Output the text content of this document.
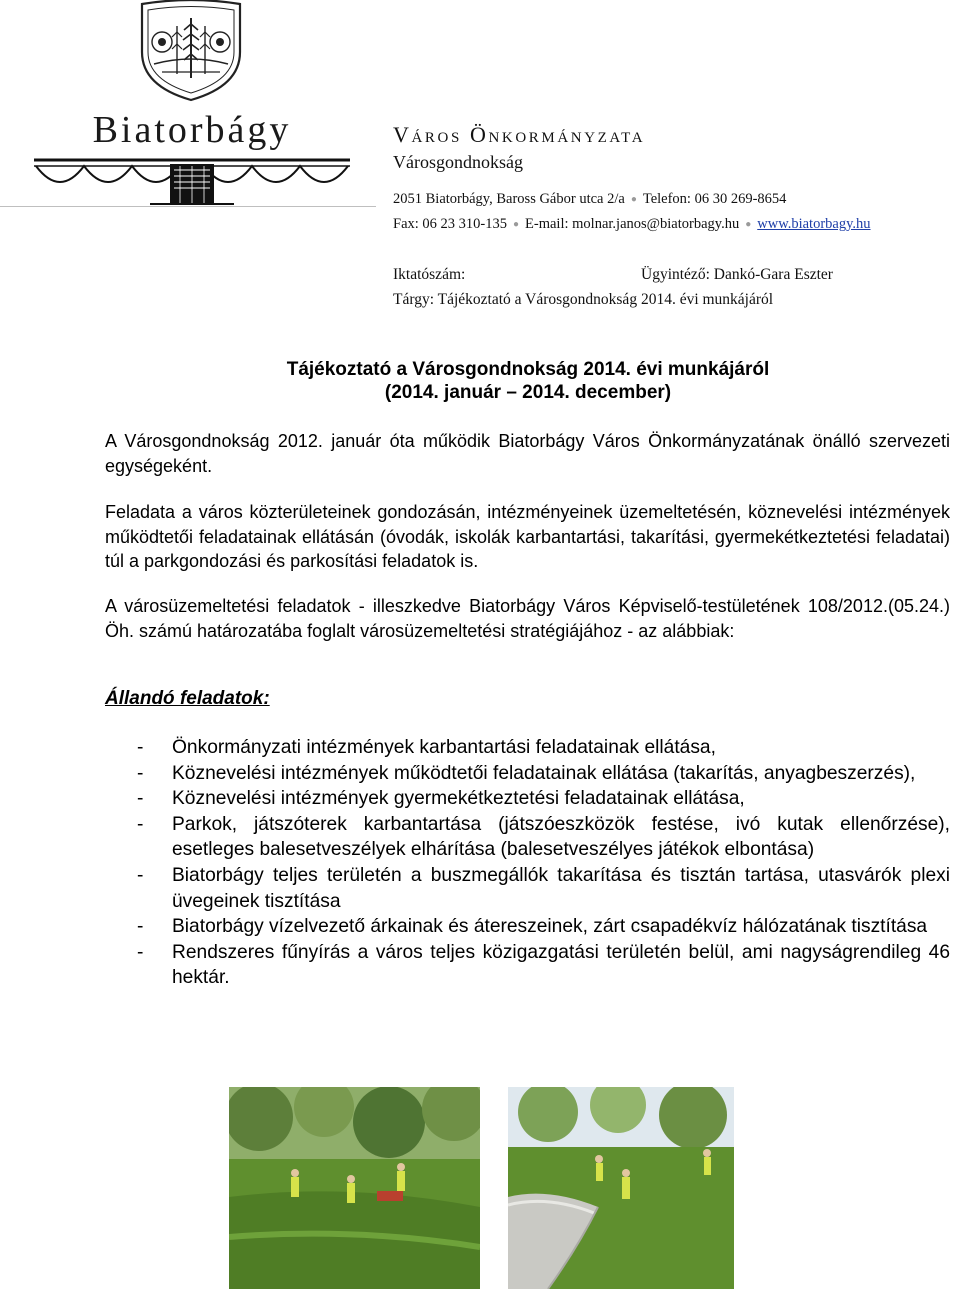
Biatorbágy	Város Önkormányzata
Városgondnokság
2051 Biatorbágy, Baross Gábor utca 2/a ● Telefon: 06 30 269-8654
Fax: 06 23 310-135 ● E-mail: molnar.janos@biatorbagy.hu ● www.biatorbagy.hu
Iktatószám:	Ügyintéző: Dankó-Gara Eszter
Tárgy: Tájékoztató a Városgondnokság 2014. évi munkájáról
Tájékoztató a Városgondnokság 2014. évi munkájáról
(2014. január – 2014. december)
A Városgondnokság 2012. január óta működik Biatorbágy Város Önkormányzatának önálló szervezeti egységeként.
Feladata a város közterületeinek gondozásán, intézményeinek üzemeltetésén, köznevelési intézmények működtetői feladatainak ellátásán (óvodák, iskolák karbantartási, takarítási, gyermekétkeztetési feladatai) túl a parkgondozási és parkosítási feladatok is.
A városüzemeltetési feladatok - illeszkedve Biatorbágy Város Képviselő-testületének 108/2012.(05.24.) Öh. számú határozatába foglalt városüzemeltetési stratégiájához - az alábbiak:
Állandó feladatok:
- Önkormányzati intézmények karbantartási feladatainak ellátása,
- Köznevelési intézmények működtetői feladatainak ellátása (takarítás, anyagbeszerzés),
- Köznevelési intézmények gyermekétkeztetési feladatainak ellátása,
- Parkok, játszóterek karbantartása (játszóeszközök festése, ivó kutak ellenőrzése), esetleges balesetveszélyek elhárítása (balesetveszélyes játékok elbontása)
- Biatorbágy teljes területén a buszmegállók takarítása és tisztán tartása, utasvárók plexi üvegeinek tisztítása
- Biatorbágy vízelvezető árkainak és átereszeinek, zárt csapadékvíz hálózatának tisztítása
- Rendszeres fűnyírás a város teljes közigazgatási területén belül, ami nagyságrendileg 46 hektár.
